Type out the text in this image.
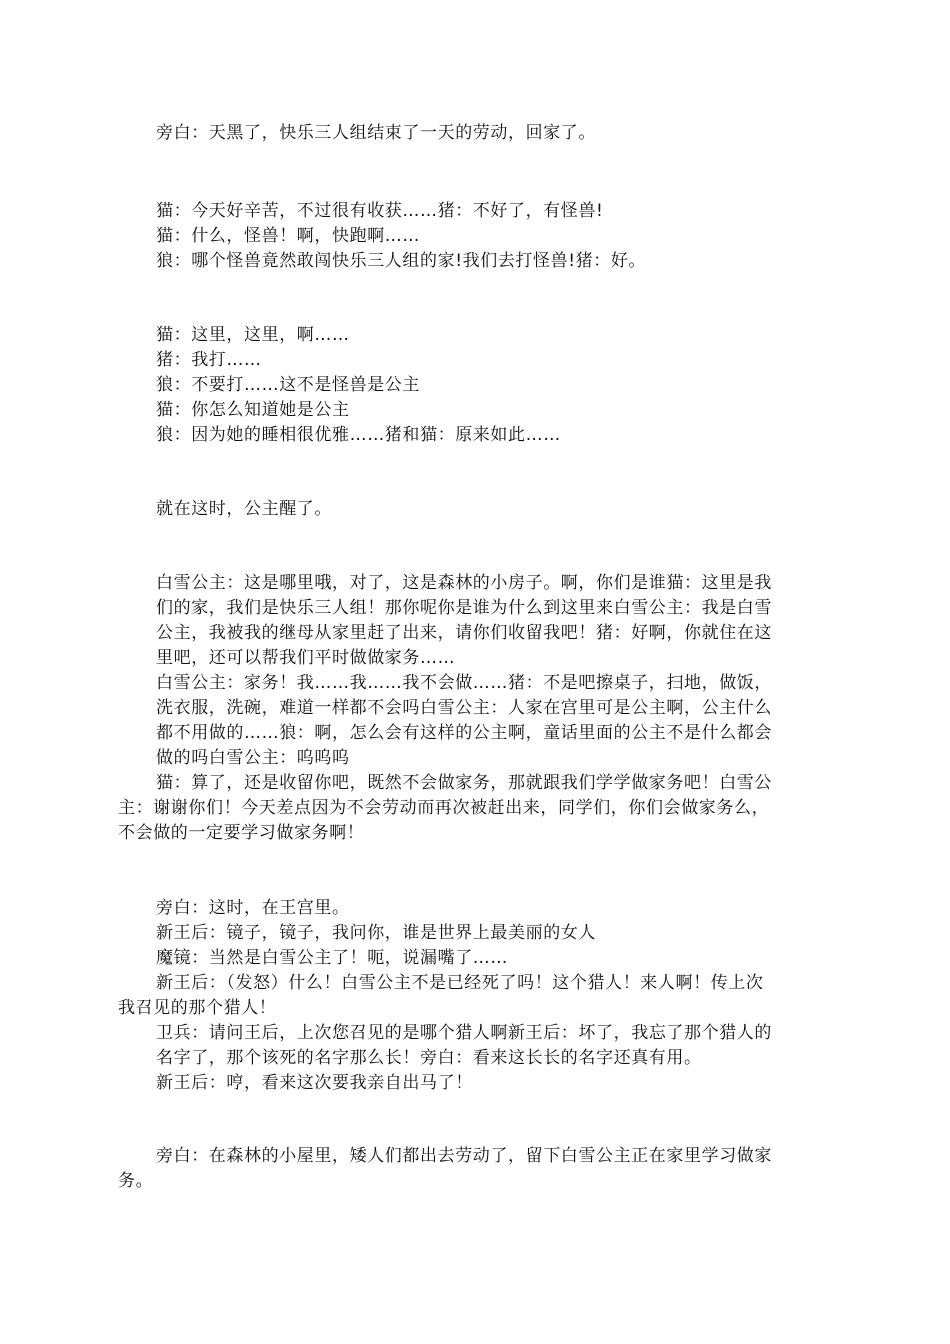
旁白：天黑了，快乐三人组结束了一天的劳动，回家了。
猫：今天好辛苦，不过很有收获……猪：不好了，有怪兽!
猫：什么，怪兽！啊，快跑啊……
狼：哪个怪兽竟然敢闯快乐三人组的家!我们去打怪兽!猪：好。
猫：这里，这里，啊……
猪：我打……
狼：不要打……这不是怪兽是公主
猫：你怎么知道她是公主
狼：因为她的睡相很优雅……猪和猫：原来如此……
就在这时，公主醒了。
白雪公主：这是哪里哦，对了，这是森林的小房子。啊，你们是谁猫：这里是我
们的家，我们是快乐三人组！那你呢你是谁为什么到这里来白雪公主：我是白雪
公主，我被我的继母从家里赶了出来，请你们收留我吧！猪：好啊，你就住在这
里吧，还可以帮我们平时做做家务……
白雪公主：家务！我……我……我不会做……猪：不是吧擦桌子，扫地，做饭，
洗衣服，洗碗，难道一样都不会吗白雪公主：人家在宫里可是公主啊，公主什么
都不用做的……狼：啊，怎么会有这样的公主啊，童话里面的公主不是什么都会
做的吗白雪公主：呜呜呜
猫：算了，还是收留你吧，既然不会做家务，那就跟我们学学做家务吧！白雪公
主：谢谢你们！今天差点因为不会劳动而再次被赶出来，同学们，你们会做家务么，
不会做的一定要学习做家务啊！
旁白：这时，在王宫里。
新王后：镜子，镜子，我问你，谁是世界上最美丽的女人
魔镜：当然是白雪公主了！呃，说漏嘴了……
新王后：（发怒）什么！白雪公主不是已经死了吗！这个猎人！来人啊！传上次
我召见的那个猎人！
卫兵：请问王后，上次您召见的是哪个猎人啊新王后：坏了，我忘了那个猎人的
名字了，那个该死的名字那么长！旁白：看来这长长的名字还真有用。
新王后：哼，看来这次要我亲自出马了！
旁白：在森林的小屋里，矮人们都出去劳动了，留下白雪公主正在家里学习做家
务。
